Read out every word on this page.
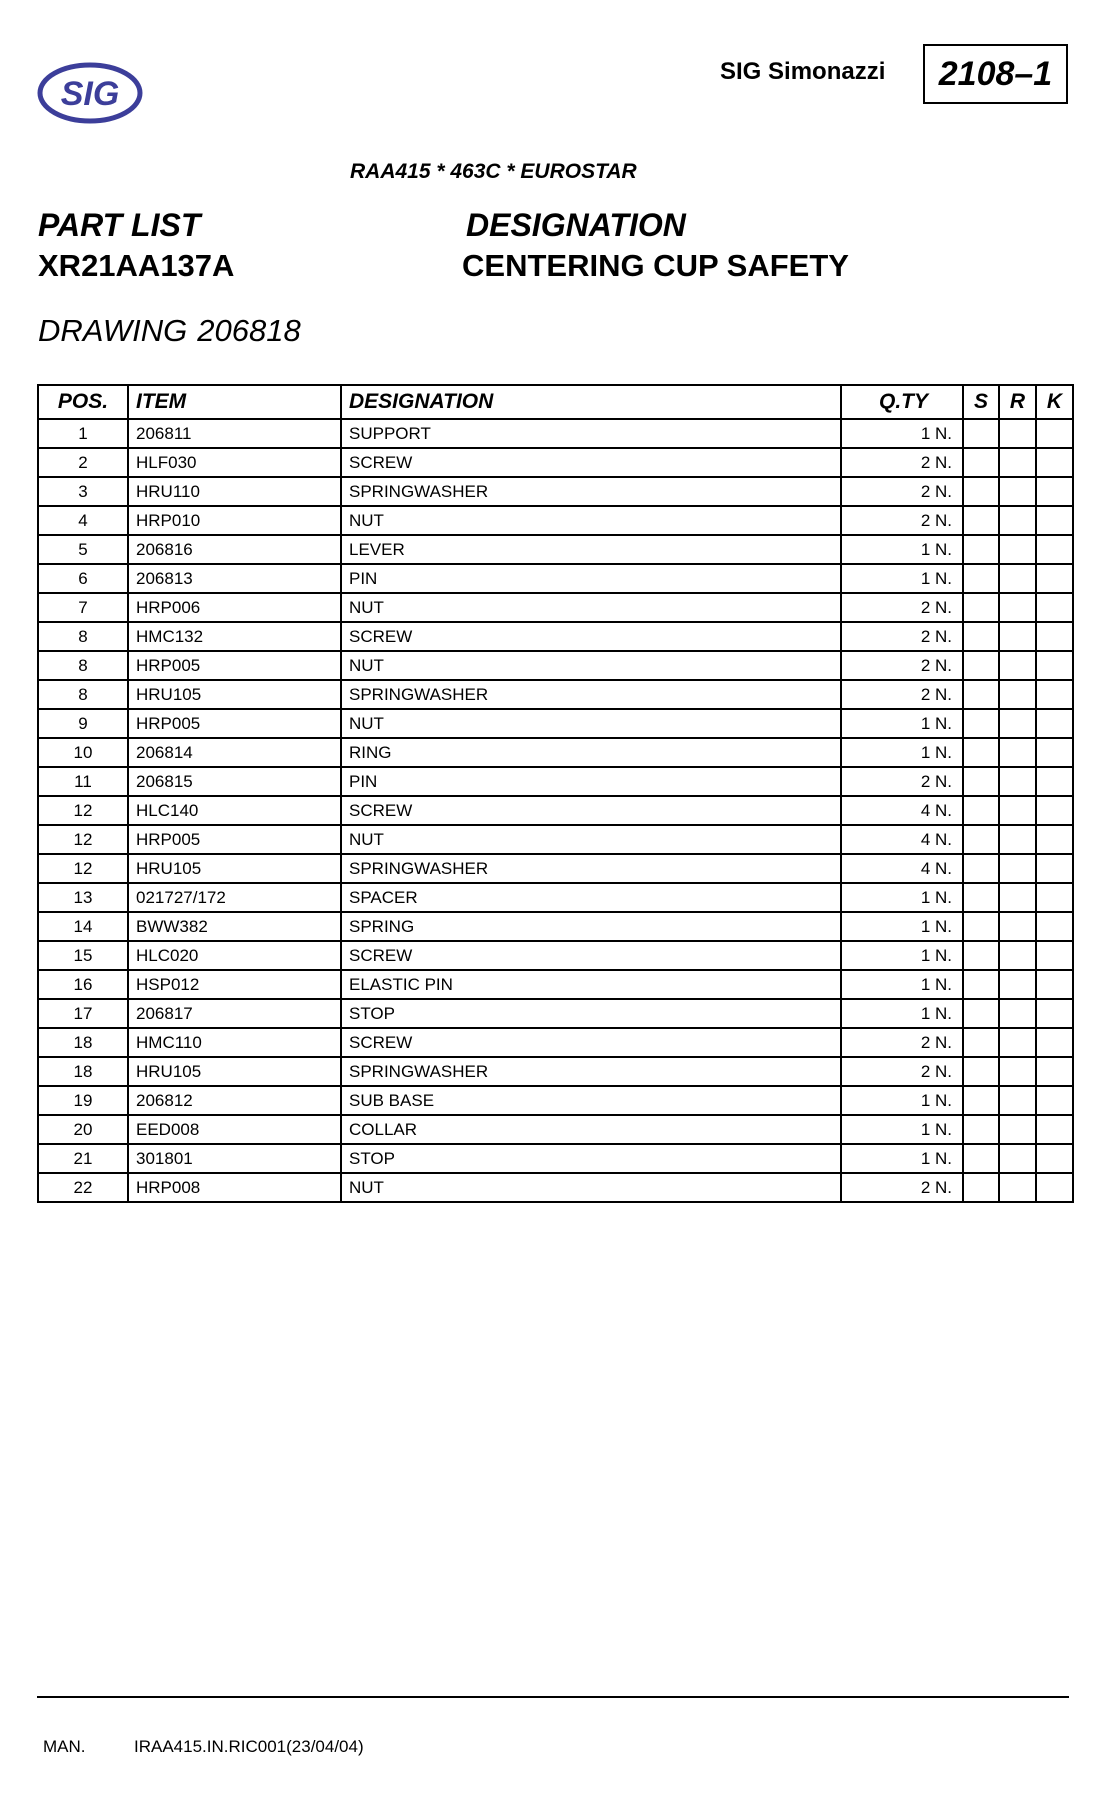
SIG
SIG Simonazzi	2108–1
RAA415 * 463C * EUROSTAR
PART LIST
XR21AA137A
DESIGNATION
CENTERING CUP SAFETY
DRAWING 206818
POS.	ITEM	DESIGNATION	Q.TY	S	R	K
1	206811	SUPPORT	1 N.			
2	HLF030	SCREW	2 N.			
3	HRU110	SPRINGWASHER	2 N.			
4	HRP010	NUT	2 N.			
5	206816	LEVER	1 N.			
6	206813	PIN	1 N.			
7	HRP006	NUT	2 N.			
8	HMC132	SCREW	2 N.			
8	HRP005	NUT	2 N.			
8	HRU105	SPRINGWASHER	2 N.			
9	HRP005	NUT	1 N.			
10	206814	RING	1 N.			
11	206815	PIN	2 N.			
12	HLC140	SCREW	4 N.			
12	HRP005	NUT	4 N.			
12	HRU105	SPRINGWASHER	4 N.			
13	021727/172	SPACER	1 N.			
14	BWW382	SPRING	1 N.			
15	HLC020	SCREW	1 N.			
16	HSP012	ELASTIC PIN	1 N.			
17	206817	STOP	1 N.			
18	HMC110	SCREW	2 N.			
18	HRU105	SPRINGWASHER	2 N.			
19	206812	SUB BASE	1 N.			
20	EED008	COLLAR	1 N.			
21	301801	STOP	1 N.			
22	HRP008	NUT	2 N.			
MAN.	IRAA415.IN.RIC001(23/04/04)
